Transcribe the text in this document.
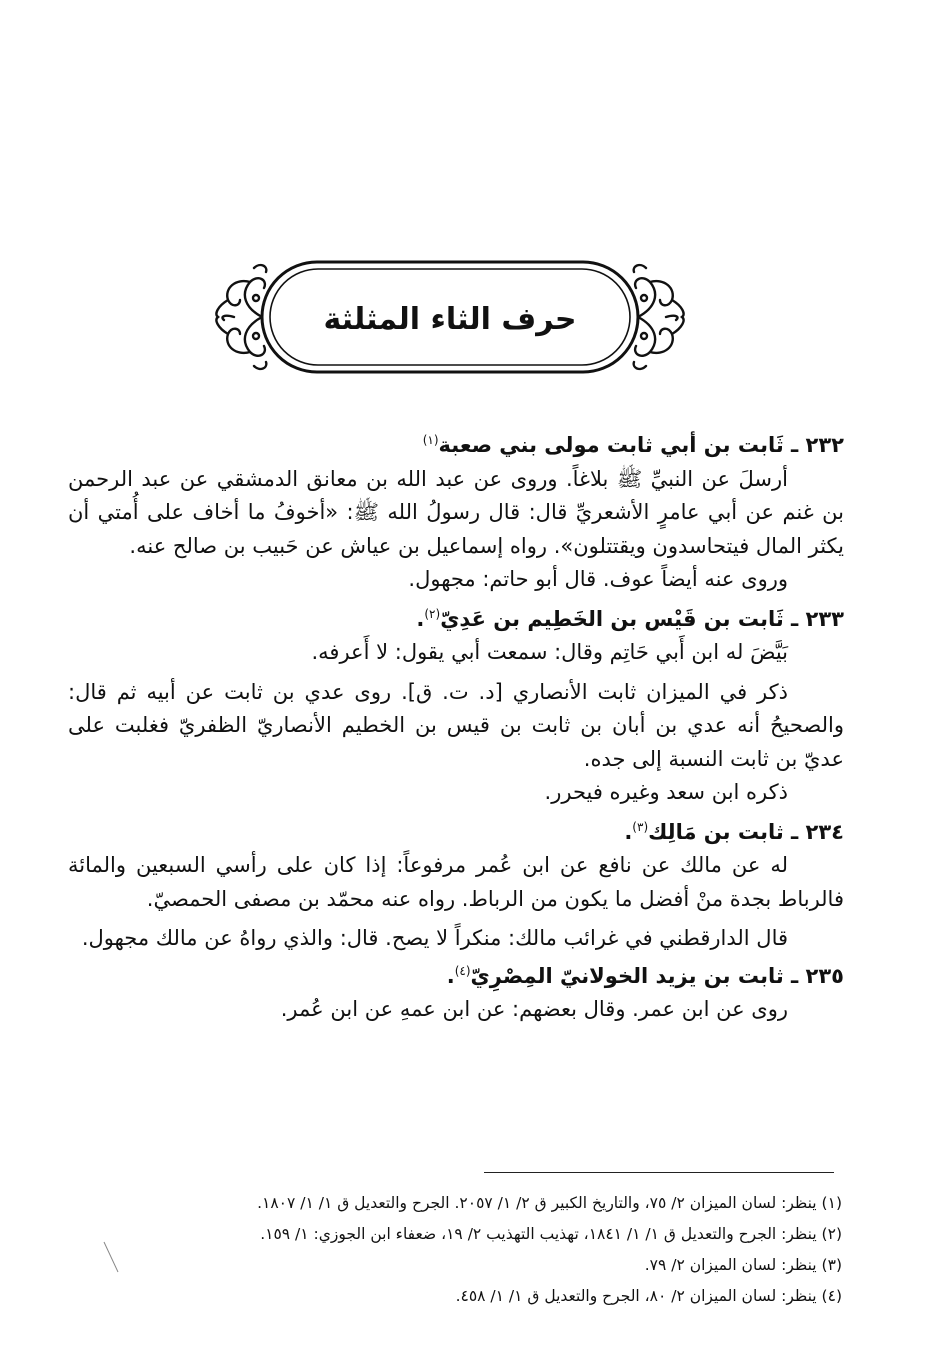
حرف الثاء المثلثة

٢٣٢ ـ ثَابت بن أبي ثابت مولى بني صعبة$^{(١)}$

أرسلَ عن النبيِّ ﷺ بلاغاً. وروى عن عبد الله بن معانق الدمشقي عن عبد الرحمن بن غنم عن أبي عامرٍ الأشعريِّ قال: قال رسولُ الله ﷺ: «أخوفُ ما أخاف على أُمتي أن يكثر المال فيتحاسدون ويقتتلون». رواه إسماعيل بن عياش عن حَبيب بن صالح عنه.

وروى عنه أيضاً عوف. قال أبو حاتم: مجهول.

٢٣٣ ـ ثَابت بن قَيْس بن الخَطِيم بن عَدِيّ$^{(٢)}$.

بَيَّضَ له ابن أَبي حَاتِم وقال: سمعت أبي يقول: لا أَعرفه.

ذكر في الميزان ثابت الأنصاري [د. ت. ق]. روى عدي بن ثابت عن أبيه ثم قال: والصحيحُ أنه عدي بن أبان بن ثابت بن قيس بن الخطيم الأنصاريّ الظفريّ فغلبت على عديّ بن ثابت النسبة إلى جده.

ذكره ابن سعد وغيره فيحرر.

٢٣٤ ـ ثابت بن مَالِك$^{(٣)}$.

له عن مالك عن نافع عن ابن عُمر مرفوعاً: إذا كان على رأسي السبعين والمائة فالرباط بجدة منْ أفضل ما يكون من الرباط. رواه عنه محمّد بن مصفى الحمصيّ.

قال الدارقطني في غرائب مالك: منكراً لا يصح. قال: والذي رواهُ عن مالك مجهول.

٢٣٥ ـ ثابت بن يزيد الخولانيّ المِصْرِيّ$^{(٤)}$.

روى عن ابن عمر. وقال بعضهم: عن ابن عمهِ عن ابن عُمر.

(١) ينظر: لسان الميزان ٢/ ٧٥، والتاريخ الكبير ق ٢/ ١/ ٢٠٥٧. الجرح والتعديل ق ١/ ١/ ١٨٠٧.

(٢) ينظر: الجرح والتعديل ق ١/ ١/ ١٨٤١، تهذيب التهذيب ٢/ ١٩، ضعفاء ابن الجوزي: ١/ ١٥٩.

(٣) ينظر: لسان الميزان ٢/ ٧٩.

(٤) ينظر: لسان الميزان ٢/ ٨٠، الجرح والتعديل ق ١/ ١/ ٤٥٨.
